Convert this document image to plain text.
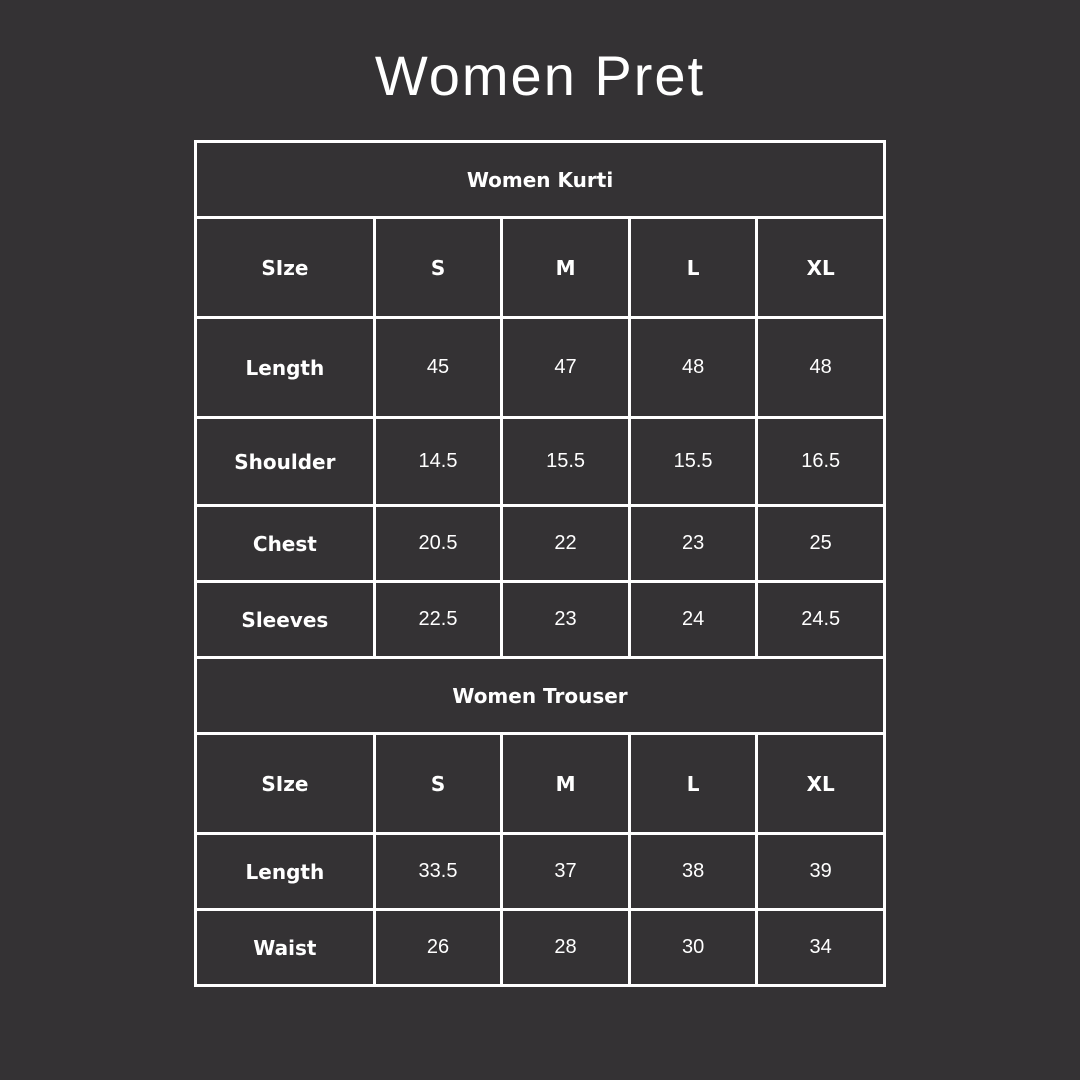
Women Pret
Women Kurti				
SIze	S	M	L	XL
Length	45	47	48	48
Shoulder	14.5	15.5	15.5	16.5
Chest	20.5	22	23	25
Sleeves	22.5	23	24	24.5
Women Trouser				
SIze	S	M	L	XL
Length	33.5	37	38	39
Waist	26	28	30	34
